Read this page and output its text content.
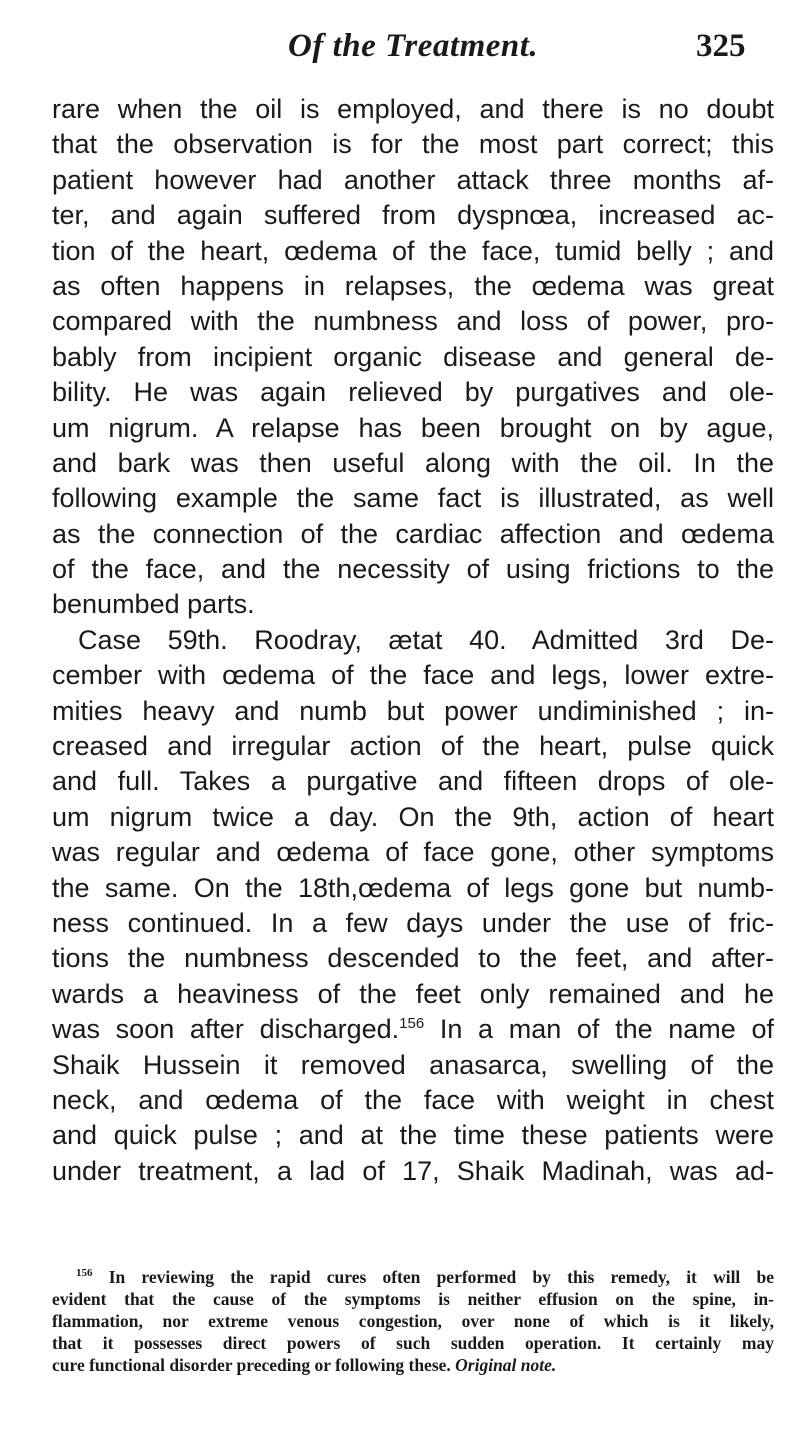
Of the Treatment.	325
rare when the oil is employed, and there is no doubt
that the observation is for the most part correct; this
patient however had another attack three months af-
ter, and again suffered from dyspnœa, increased ac-
tion of the heart, œdema of the face, tumid belly ; and
as often happens in relapses, the œdema was great
compared with the numbness and loss of power, pro-
bably from incipient organic disease and general de-
bility. He was again relieved by purgatives and ole-
um nigrum. A relapse has been brought on by ague,
and bark was then useful along with the oil. In the
following example the same fact is illustrated, as well
as the connection of the cardiac affection and œdema
of the face, and the necessity of using frictions to the
benumbed parts.
Case 59th. Roodray, ætat 40. Admitted 3rd De-
cember with œdema of the face and legs, lower extre-
mities heavy and numb but power undiminished ; in-
creased and irregular action of the heart, pulse quick
and full. Takes a purgative and fifteen drops of ole-
um nigrum twice a day. On the 9th, action of heart
was regular and œdema of face gone, other symptoms
the same. On the 18th,œdema of legs gone but numb-
ness continued. In a few days under the use of fric-
tions the numbness descended to the feet, and after-
wards a heaviness of the feet only remained and he
was soon after discharged.$^{156}$ In a man of the name of
Shaik Hussein it removed anasarca, swelling of the
neck, and œdema of the face with weight in chest
and quick pulse ; and at the time these patients were
under treatment, a lad of 17, Shaik Madinah, was ad-
$^{156}$ In reviewing the rapid cures often performed by this remedy, it will be
evident that the cause of the symptoms is neither effusion on the spine, in-
flammation, nor extreme venous congestion, over none of which is it likely,
that it possesses direct powers of such sudden operation. It certainly may
cure functional disorder preceding or following these. Original note.
